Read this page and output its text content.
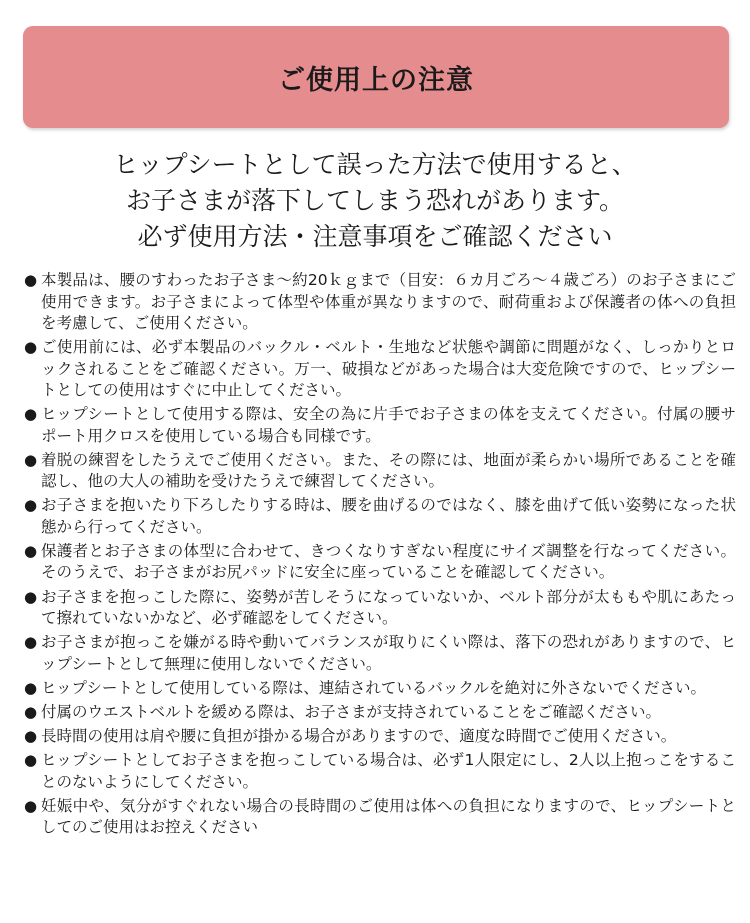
ご使用上の注意
ヒップシートとして誤った方法で使用すると、
お子さまが落下してしまう恐れがあります。
必ず使用方法・注意事項をご確認ください
● 本製品は、腰のすわったお子さま〜約20ｋｇまで（目安：６カ月ごろ〜４歳ごろ）のお子さまにご使用できます。お子さまによって体型や体重が異なりますので、耐荷重および保護者の体への負担を考慮して、ご使用ください。
● ご使用前には、必ず本製品のバックル・ベルト・生地など状態や調節に問題がなく、しっかりとロックされることをご確認ください。万一、破損などがあった場合は大変危険ですので、ヒップシートとしての使用はすぐに中止してください。
● ヒップシートとして使用する際は、安全の為に片手でお子さまの体を支えてください。付属の腰サポート用クロスを使用している場合も同様です。
● 着脱の練習をしたうえでご使用ください。また、その際には、地面が柔らかい場所であることを確認し、他の大人の補助を受けたうえで練習してください。
● お子さまを抱いたり下ろしたりする時は、腰を曲げるのではなく、膝を曲げて低い姿勢になった状態から行ってください。
● 保護者とお子さまの体型に合わせて、きつくなりすぎない程度にサイズ調整を行なってください。そのうえで、お子さまがお尻パッドに安全に座っていることを確認してください。
● お子さまを抱っこした際に、姿勢が苦しそうになっていないか、ベルト部分が太ももや肌にあたって擦れていないかなど、必ず確認をしてください。
● お子さまが抱っこを嫌がる時や動いてバランスが取りにくい際は、落下の恐れがありますので、ヒップシートとして無理に使用しないでください。
● ヒップシートとして使用している際は、連結されているバックルを絶対に外さないでください。
● 付属のウエストベルトを緩める際は、お子さまが支持されていることをご確認ください。
● 長時間の使用は肩や腰に負担が掛かる場合がありますので、適度な時間でご使用ください。
● ヒップシートとしてお子さまを抱っこしている場合は、必ず1人限定にし、2人以上抱っこをすることのないようにしてください。
● 妊娠中や、気分がすぐれない場合の長時間のご使用は体への負担になりますので、ヒップシートとしてのご使用はお控えください
